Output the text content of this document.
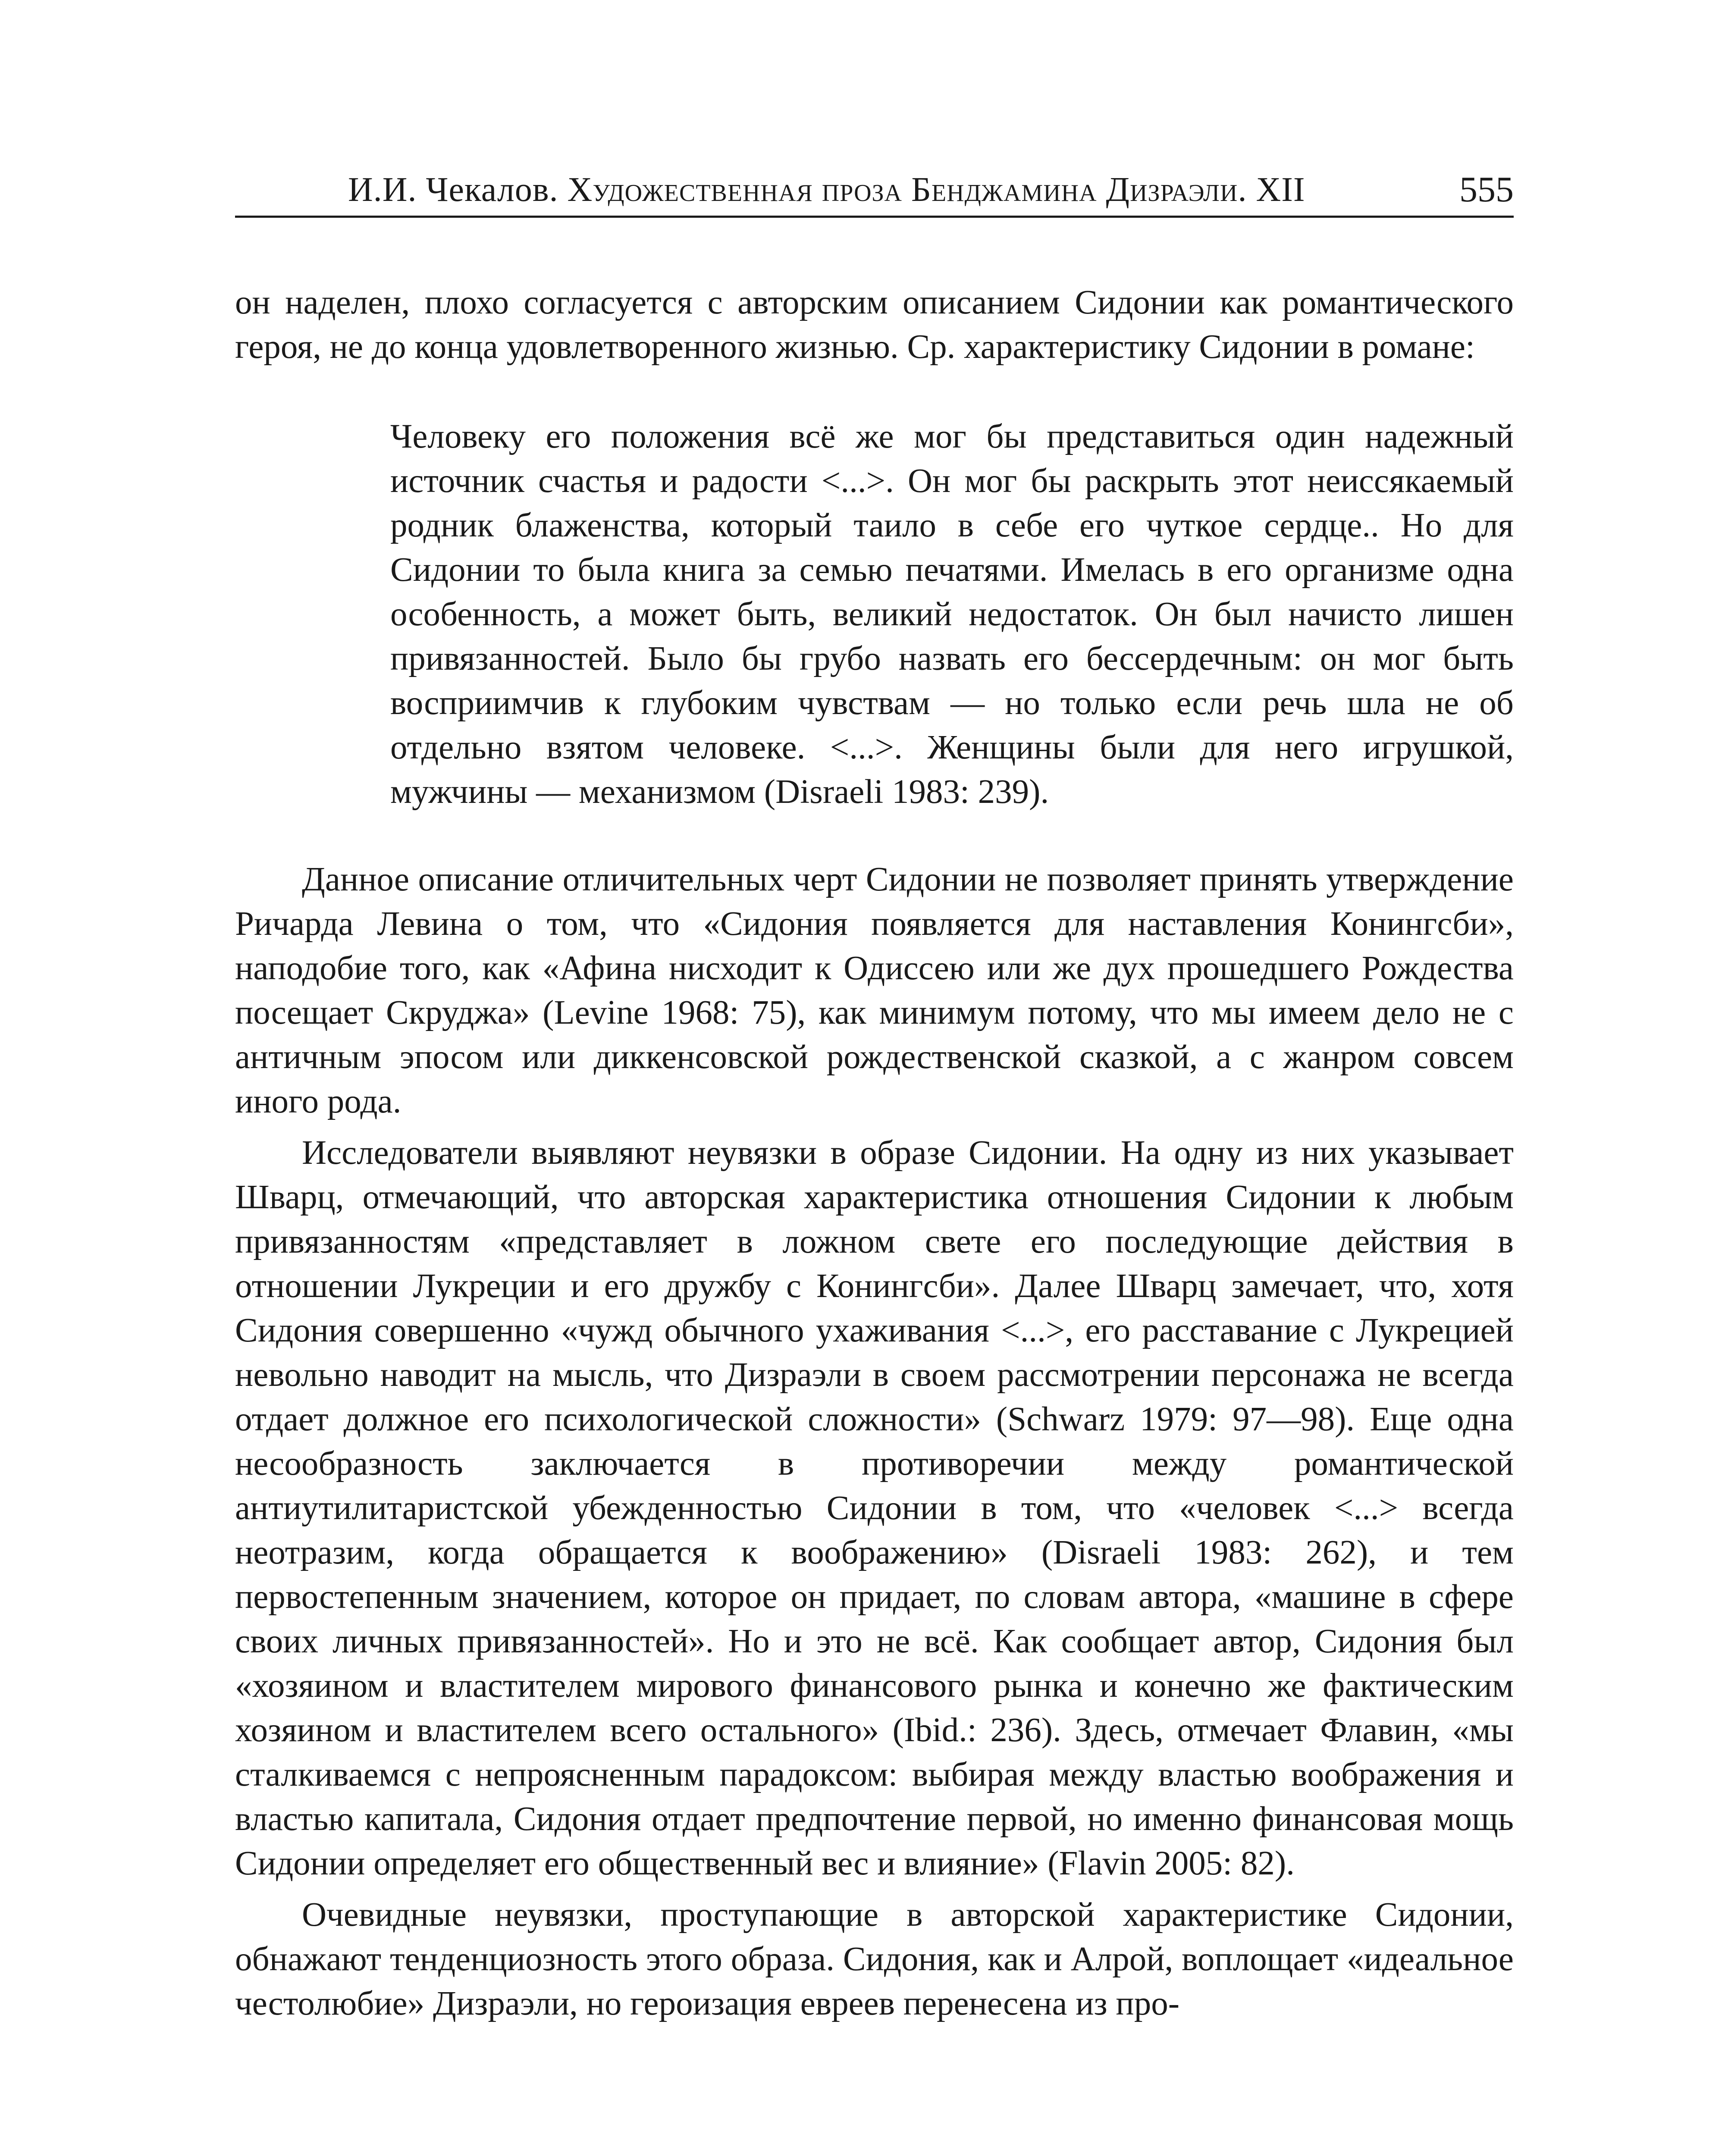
И.И. Чекалов. Художественная проза Бенджамина Дизраэли. XII	555

он наделен, плохо согласуется с авторским описанием Сидонии как романтического героя, не до конца удовлетворенного жизнью. Ср. характеристику Сидонии в романе:

Человеку его положения всё же мог бы представиться один надежный источник счастья и радости <...>. Он мог бы раскрыть этот неиссякаемый родник блаженства, который таило в себе его чуткое сердце.. Но для Сидонии то была книга за семью печатями. Имелась в его организме одна особенность, а может быть, великий недостаток. Он был начисто лишен привязанностей. Было бы грубо назвать его бессердечным: он мог быть восприимчив к глубоким чувствам — но только если речь шла не об отдельно взятом человеке. <...>. Женщины были для него игрушкой, мужчины — механизмом (Disraeli 1983: 239).

Данное описание отличительных черт Сидонии не позволяет принять утверждение Ричарда Левина о том, что «Сидония появляется для наставления Конингсби», наподобие того, как «Афина нисходит к Одиссею или же дух прошедшего Рождества посещает Скруджа» (Levine 1968: 75), как минимум потому, что мы имеем дело не с античным эпосом или диккенсовской рождественской сказкой, а с жанром совсем иного рода.

Исследователи выявляют неувязки в образе Сидонии. На одну из них указывает Шварц, отмечающий, что авторская характеристика отношения Сидонии к любым привязанностям «представляет в ложном свете его последующие действия в отношении Лукреции и его дружбу с Конингсби». Далее Шварц замечает, что, хотя Сидония совершенно «чужд обычного ухаживания <...>, его расставание с Лукрецией невольно наводит на мысль, что Дизраэли в своем рассмотрении персонажа не всегда отдает должное его психологической сложности» (Schwarz 1979: 97—98). Еще одна несообразность заключается в противоречии между романтической антиутилитаристской убежденностью Сидонии в том, что «человек <...> всегда неотразим, когда обращается к воображению» (Disraeli 1983: 262), и тем первостепенным значением, которое он придает, по словам автора, «машине в сфере своих личных привязанностей». Но и это не всё. Как сообщает автор, Сидония был «хозяином и властителем мирового финансового рынка и конечно же фактическим хозяином и властителем всего остального» (Ibid.: 236). Здесь, отмечает Флавин, «мы сталкиваемся с непроясненным парадоксом: выбирая между властью воображения и властью капитала, Сидония отдает предпочтение первой, но именно финансовая мощь Сидонии определяет его общественный вес и влияние» (Flavin 2005: 82).

Очевидные неувязки, проступающие в авторской характеристике Сидонии, обнажают тенденциозность этого образа. Сидония, как и Алрой, воплощает «идеальное честолюбие» Дизраэли, но героизация евреев перенесена из про-
